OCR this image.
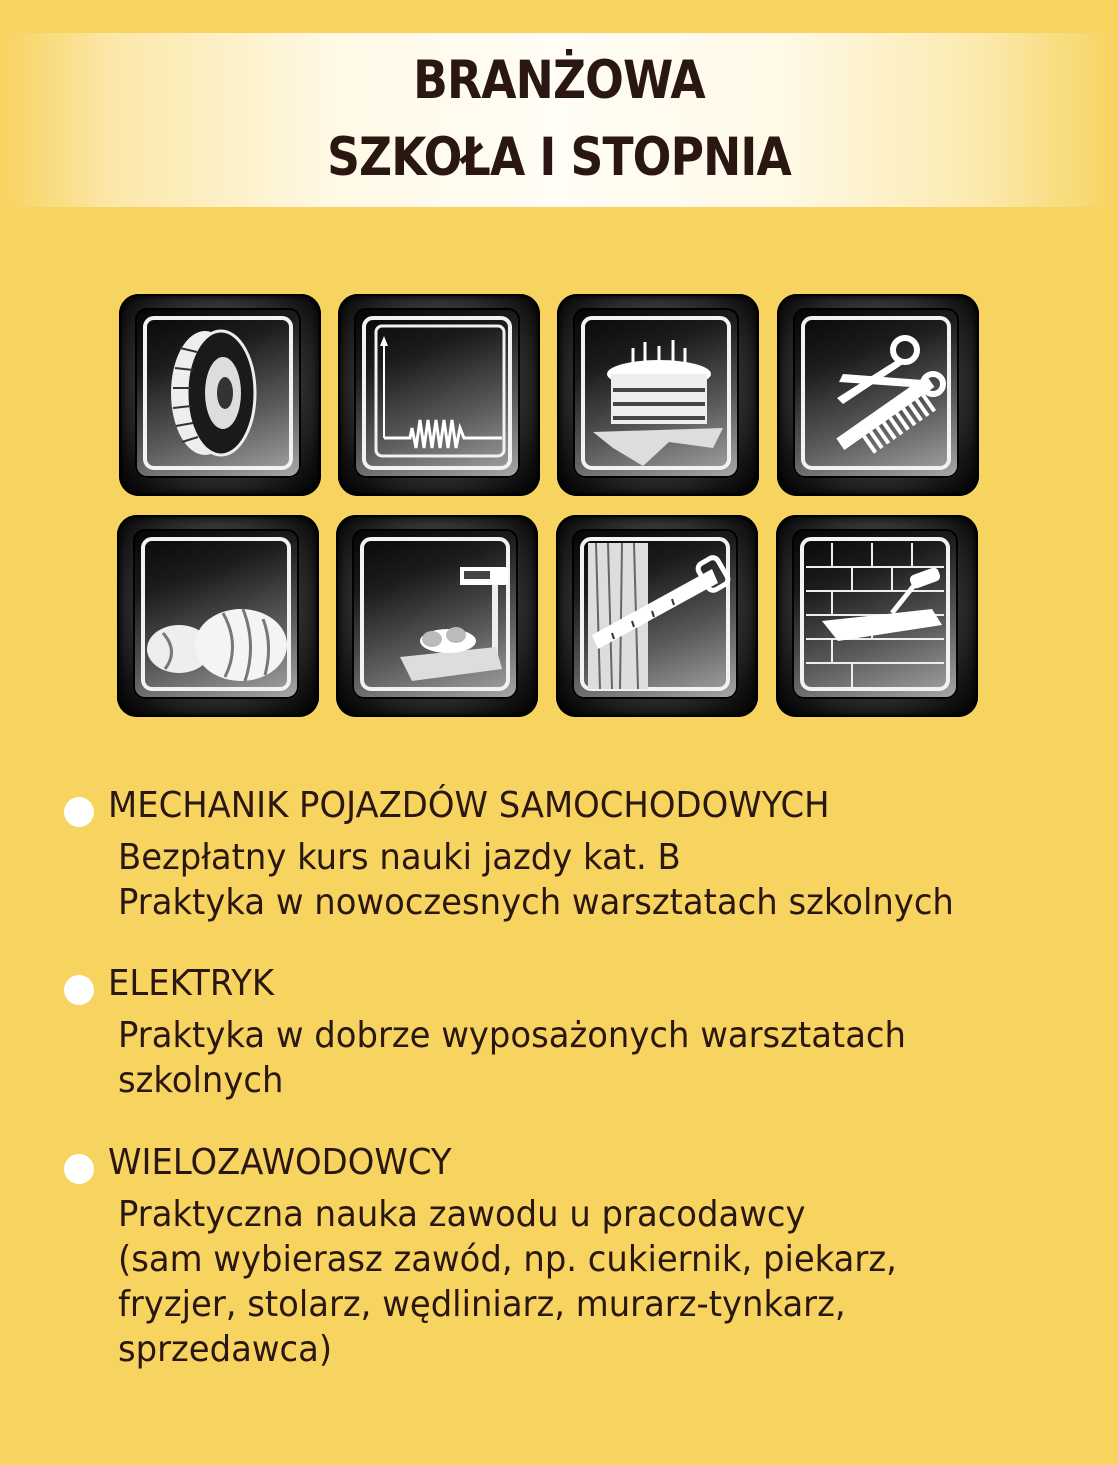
BRANŻOWA
SZKOŁA I STOPNIA
MECHANIK POJAZDÓW SAMOCHODOWYCH
Bezpłatny kurs nauki jazdy kat. B
Praktyka w nowoczesnych warsztatach szkolnych
ELEKTRYK
Praktyka w dobrze wyposażonych warsztatach
szkolnych
WIELOZAWODOWCY
Praktyczna nauka zawodu u pracodawcy
(sam wybierasz zawód, np. cukiernik, piekarz,
fryzjer, stolarz, wędliniarz, murarz-tynkarz,
sprzedawca)
